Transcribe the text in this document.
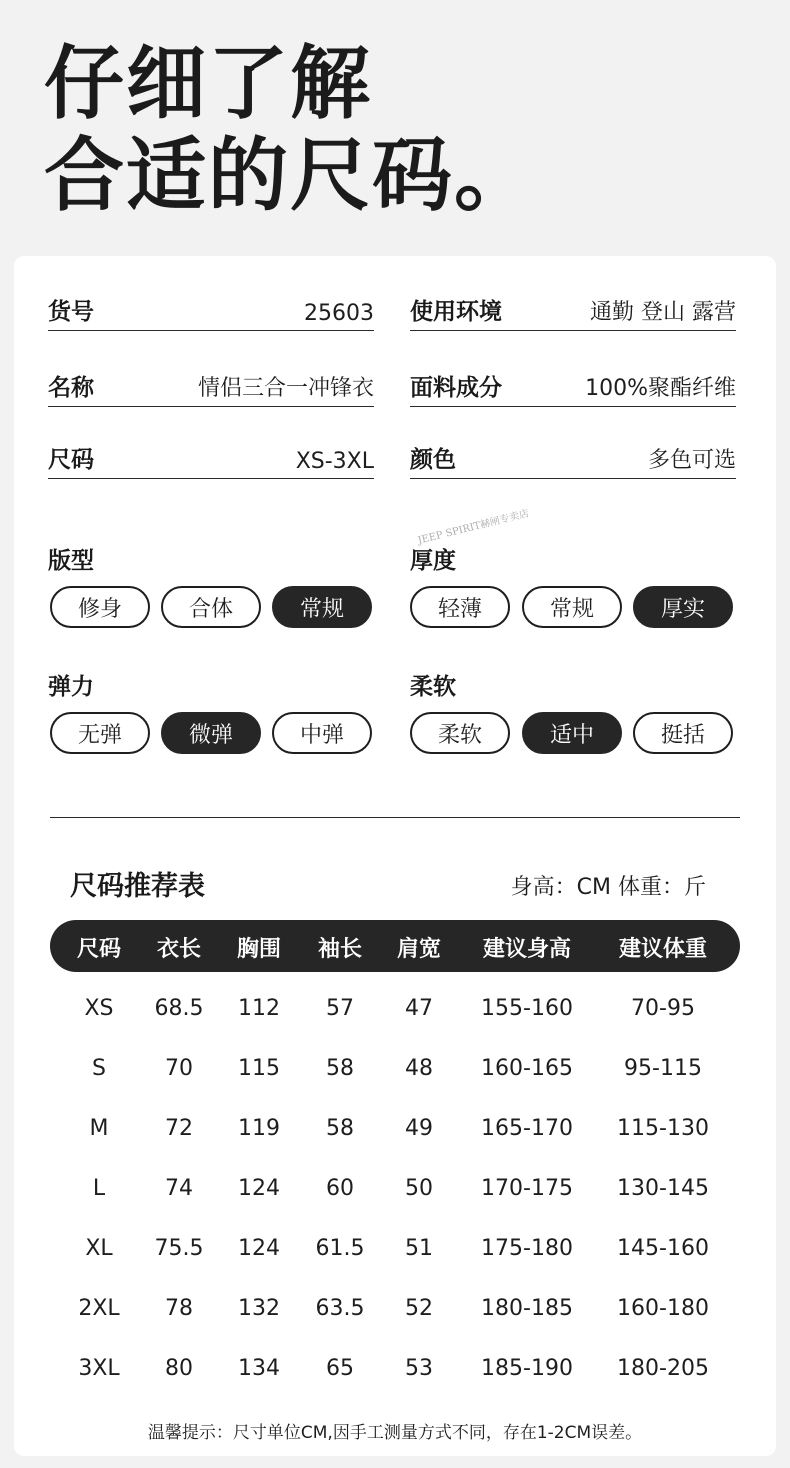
仔细了解
合适的尺码。
货号	25603 使用环境	通勤 登山 露营
名称	情侣三合一冲锋衣 面料成分	100%聚酯纤维
尺码	XS-3XL 颜色	多色可选
JEEP SPIRIT赫闸专卖店
版型
修身	合体	常规
厚度
轻薄	常规	厚实
弹力
无弹	微弹	中弹
柔软
柔软	适中	挺括
尺码推荐表	身高：CM 体重：斤
尺码 衣长 胸围 袖长 肩宽 建议身高 建议体重
XS 68.5 112 57 47 155-160	70-95
S	70 115 58 48 160-165 95-115
M	72 119 58 49 165-170 115-130
L	74 124 60 50 170-175 130-145
XL 75.5 124 61.5 51 175-180 145-160
2XL 78 132 63.5 52 180-185 160-180
3XL 80 134 65 53 185-190 180-205
温馨提示：尺寸单位CM,因手工测量方式不同，存在1-2CM误差。
